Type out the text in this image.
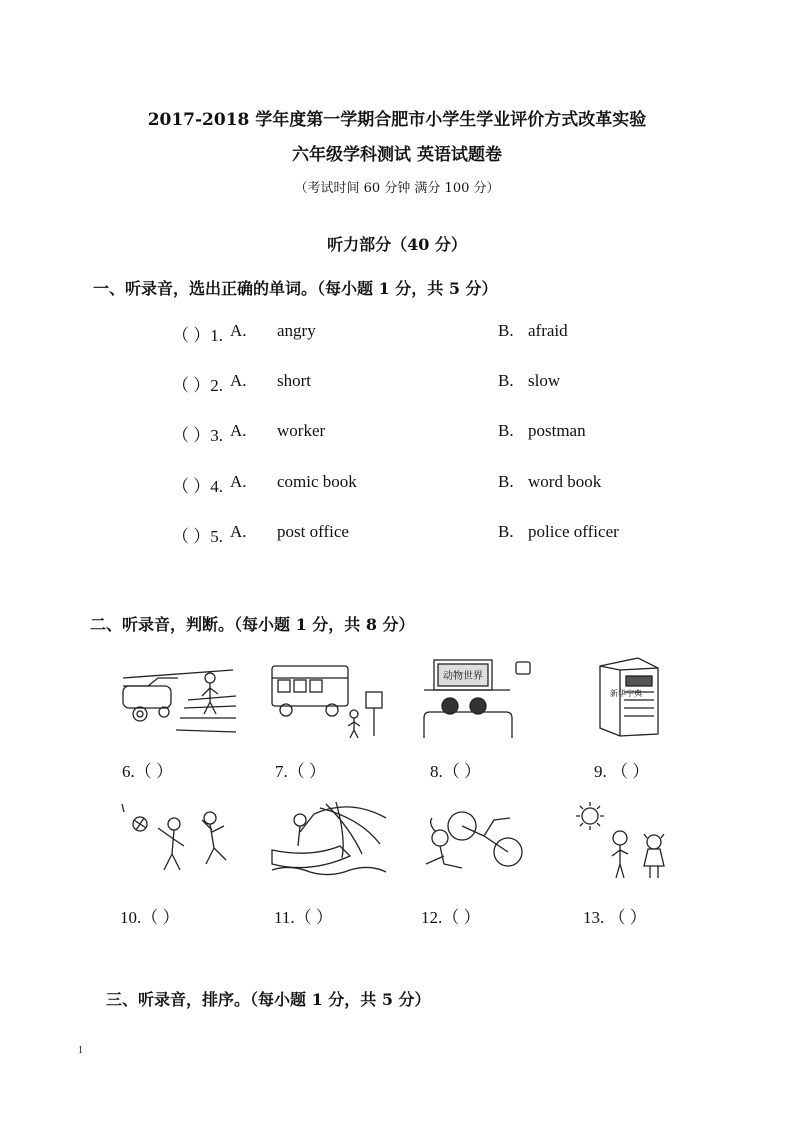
2017-2018 学年度第一学期合肥市小学生学业评价方式改革实验
六年级学科测试 英语试题卷
（考试时间 60 分钟 满分 100 分）
听力部分（40 分）
一、听录音，选出正确的单词。（每小题 1 分，共 5 分）
（ ）1. A. angry	B. afraid
（ ）2. A. short	B. slow
（ ）3. A. worker	B. postman
（ ）4. A. comic book	B. word book
（ ）5. A. post office	B. police officer
二、听录音，判断。（每小题 1 分，共 8 分）
动物世界
新华字典
6.（ ）	7.（ ）	8.（ ）	9. （ ）
10.（ ）	11.（ ）	12.（ ）	13. （ ）
三、听录音，排序。（每小题 1 分，共 5 分）
1
